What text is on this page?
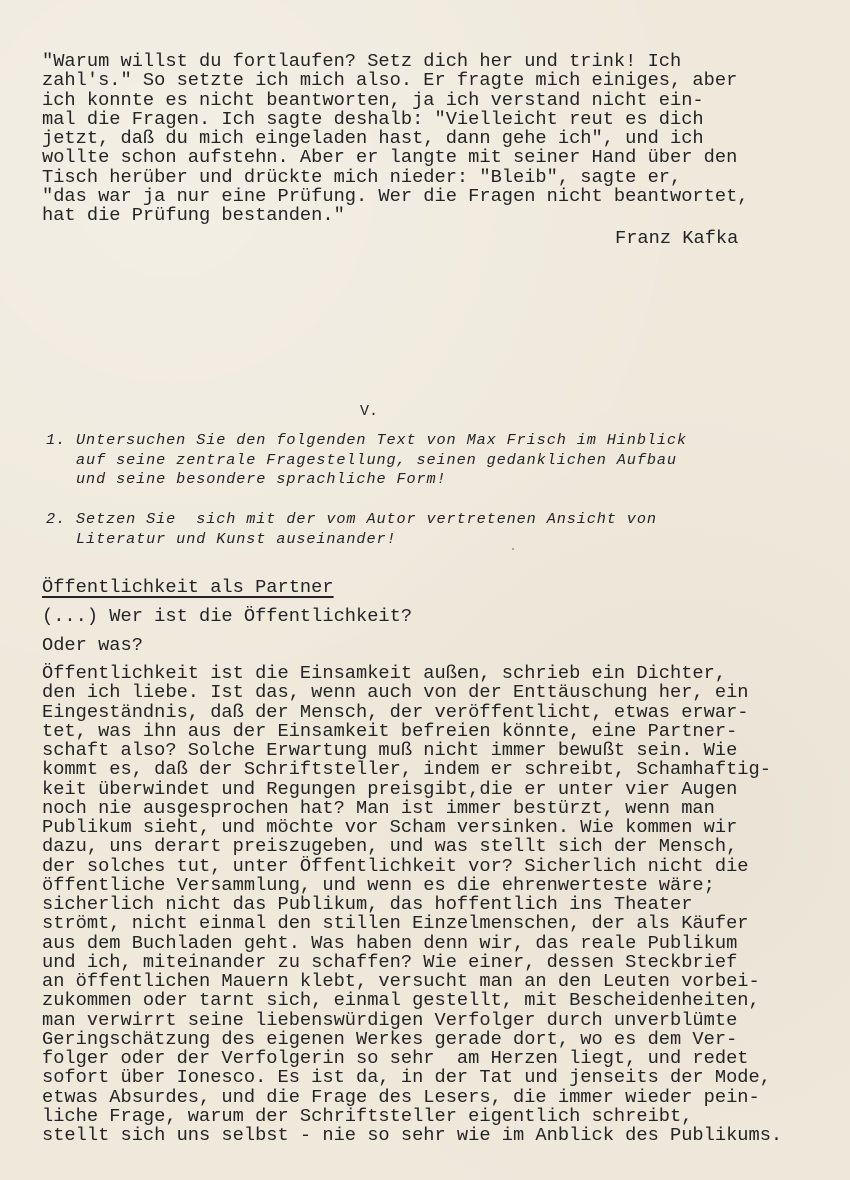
"Warum willst du fortlaufen? Setz dich her und trink! Ich
zahl's." So setzte ich mich also. Er fragte mich einiges, aber
ich konnte es nicht beantworten, ja ich verstand nicht ein-
mal die Fragen. Ich sagte deshalb: "Vielleicht reut es dich
jetzt, daß du mich eingeladen hast, dann gehe ich", und ich
wollte schon aufstehn. Aber er langte mit seiner Hand über den
Tisch herüber und drückte mich nieder: "Bleib", sagte er,
"das war ja nur eine Prüfung. Wer die Fragen nicht beantwortet,
hat die Prüfung bestanden."
Franz Kafka
V.
1. Untersuchen Sie den folgenden Text von Max Frisch im Hinblick
auf seine zentrale Fragestellung, seinen gedanklichen Aufbau
und seine besondere sprachliche Form!
2. Setzen Sie  sich mit der vom Autor vertretenen Ansicht von
Literatur und Kunst auseinander!
Öffentlichkeit als Partner
(...) Wer ist die Öffentlichkeit?
Oder was?
Öffentlichkeit ist die Einsamkeit außen, schrieb ein Dichter,
den ich liebe. Ist das, wenn auch von der Enttäuschung her, ein
Eingeständnis, daß der Mensch, der veröffentlicht, etwas erwar-
tet, was ihn aus der Einsamkeit befreien könnte, eine Partner-
schaft also? Solche Erwartung muß nicht immer bewußt sein. Wie
kommt es, daß der Schriftsteller, indem er schreibt, Schamhaftig-
keit überwindet und Regungen preisgibt,die er unter vier Augen
noch nie ausgesprochen hat? Man ist immer bestürzt, wenn man
Publikum sieht, und möchte vor Scham versinken. Wie kommen wir
dazu, uns derart preiszugeben, und was stellt sich der Mensch,
der solches tut, unter Öffentlichkeit vor? Sicherlich nicht die
öffentliche Versammlung, und wenn es die ehrenwerteste wäre;
sicherlich nicht das Publikum, das hoffentlich ins Theater
strömt, nicht einmal den stillen Einzelmenschen, der als Käufer
aus dem Buchladen geht. Was haben denn wir, das reale Publikum
und ich, miteinander zu schaffen? Wie einer, dessen Steckbrief
an öffentlichen Mauern klebt, versucht man an den Leuten vorbei-
zukommen oder tarnt sich, einmal gestellt, mit Bescheidenheiten,
man verwirrt seine liebenswürdigen Verfolger durch unverblümte
Geringschätzung des eigenen Werkes gerade dort, wo es dem Ver-
folger oder der Verfolgerin so sehr  am Herzen liegt, und redet
sofort über Ionesco. Es ist da, in der Tat und jenseits der Mode,
etwas Absurdes, und die Frage des Lesers, die immer wieder pein-
liche Frage, warum der Schriftsteller eigentlich schreibt,
stellt sich uns selbst - nie so sehr wie im Anblick des Publikums.
